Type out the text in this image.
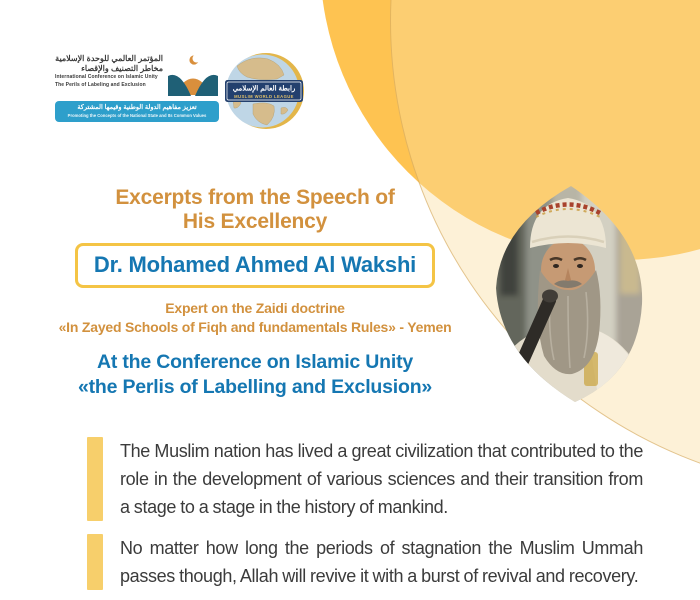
المؤتمر العالمي للوحدة الإسلامية
مخاطر التصنيف والإقصاء
International Conference on Islamic Unity
The Perils of Labeling and Exclusion
تعزيز مفاهيم الدولة الوطنية وقيمها المشتركة
Promoting the Concepts of the National State and Its Common Values
رابطة العالم الإسلامي
MUSLIM WORLD LEAGUE
Excerpts from the Speech of
His Excellency
Dr. Mohamed Ahmed Al Wakshi
Expert on the Zaidi doctrine
«In Zayed Schools of Fiqh and fundamentals Rules» - Yemen
At the Conference on Islamic Unity
«the Perlis of Labelling and Exclusion»
The Muslim nation has lived a great civilization that contributed to the role in the development of various sciences and their transition from a stage to a stage in the history of mankind.
No matter how long the periods of stagnation the Muslim Ummah passes though, Allah will revive it with a burst of revival and recovery.
